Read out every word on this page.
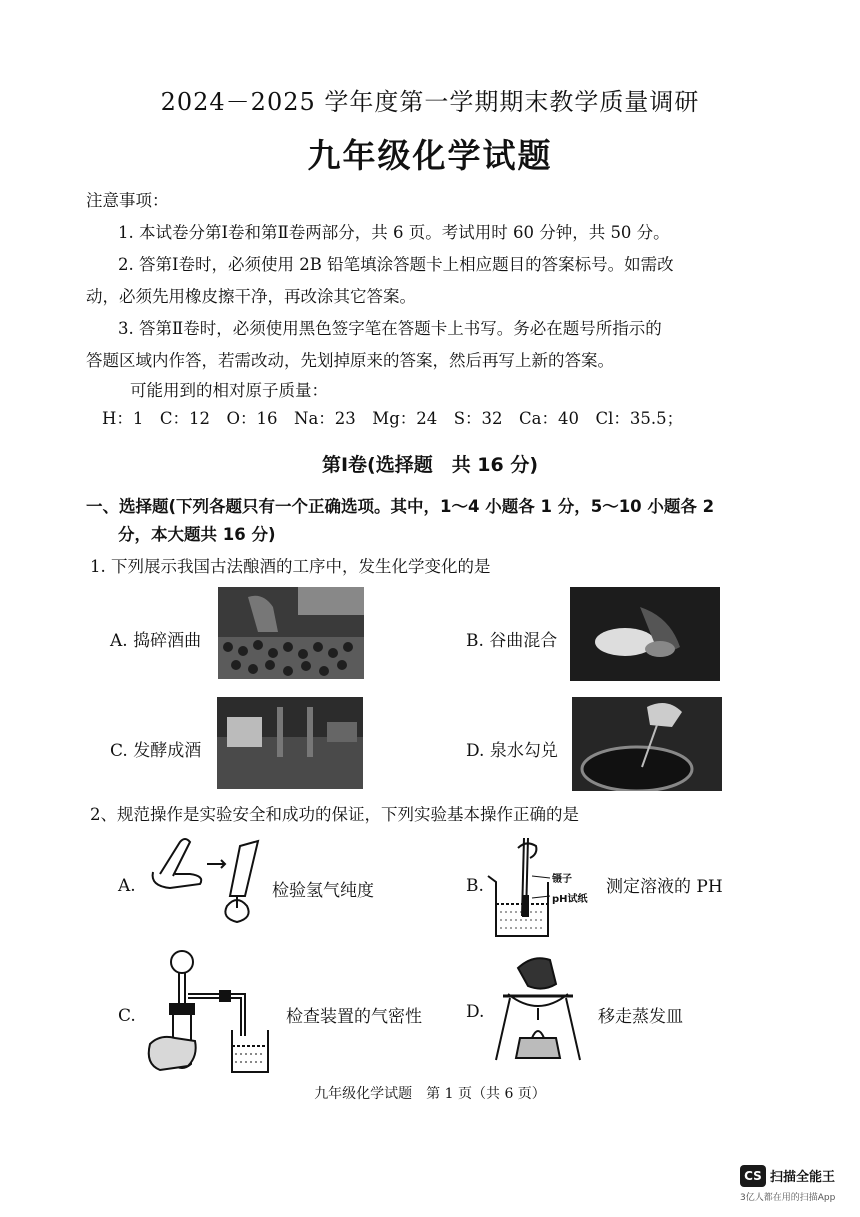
2024－2025 学年度第一学期期末教学质量调研
九年级化学试题
注意事项：
1. 本试卷分第Ⅰ卷和第Ⅱ卷两部分，共 6 页。考试用时 60 分钟，共 50 分。
2. 答第Ⅰ卷时，必须使用 2B 铅笔填涂答题卡上相应题目的答案标号。如需改
动，必须先用橡皮擦干净，再改涂其它答案。
3. 答第Ⅱ卷时，必须使用黑色签字笔在答题卡上书写。务必在题号所指示的
答题区域内作答，若需改动，先划掉原来的答案，然后再写上新的答案。
可能用到的相对原子质量：
H：1　C：12　O：16　Na：23　Mg：24　S：32　Ca：40　Cl：35.5；
第Ⅰ卷(选择题　共 16 分)
一、选择题(下列各题只有一个正确选项。其中，1～4 小题各 1 分，5～10 小题各 2
分，本大题共 16 分)
1. 下列展示我国古法酿酒的工序中，发生化学变化的是
A. 捣碎酒曲	B. 谷曲混合
C. 发酵成酒	D. 泉水勾兑
2、规范操作是实验安全和成功的保证，下列实验基本操作正确的是
A.	检验氢气纯度	B.	镊子
pH试纸
测定溶液的 PH
C.	检查装置的气密性	D.	移走蒸发皿
九年级化学试题　第 1 页（共 6 页）
CS 扫描全能王
3亿人都在用的扫描App
